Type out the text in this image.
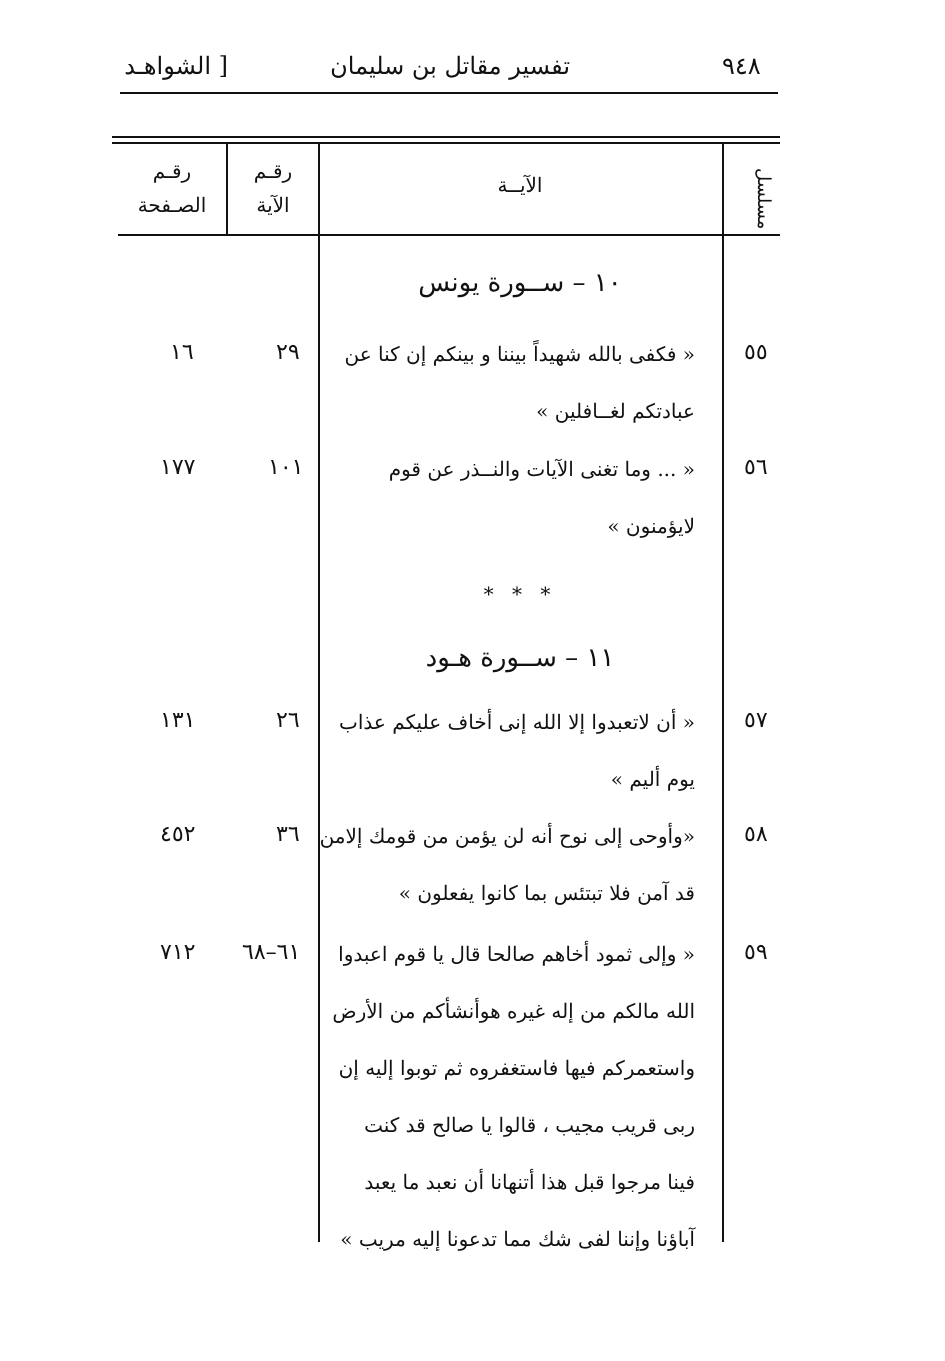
٩٤٨
تفسير مقاتل بن سليمان
[ الشواهـد
مسلسل
الآيــة
رقـم
الآية
رقـم
الصـفحة
١٠ – ســورة يونس
٥٥
« فكفى بالله شهيداً بيننا و بينكم إن كنا عن
عبادتكم لغــافلين »
٢٩
١٦
٥٦
« ... وما تغنى الآيات والنــذر عن قوم
لايؤمنون »
١٠١
١٧٧
* * *
١١ – ســورة هـود
٥٧
« أن لاتعبدوا إلا الله إنى أخاف عليكم عذاب
يوم أليم »
٢٦
١٣١
٥٨
«وأوحى إلى نوح أنه لن يؤمن من قومك إلامن
قد آمن فلا تبتئس بما كانوا يفعلون »
٣٦
٤٥٢
٥٩
« وإلى ثمود أخاهم صالحا قال يا قوم اعبدوا
الله مالكم من إله غيره هوأنشأكم من الأرض
واستعمركم فيها فاستغفروه ثم توبوا إليه إن
ربى قريب مجيب ، قالوا يا صالح قد كنت
فينا مرجوا قبل هذا أتنهانا أن نعبد ما يعبد
آباؤنا وإننا لفى شك مما تدعونا إليه مريب »
٦١–٦٨
٧١٢
